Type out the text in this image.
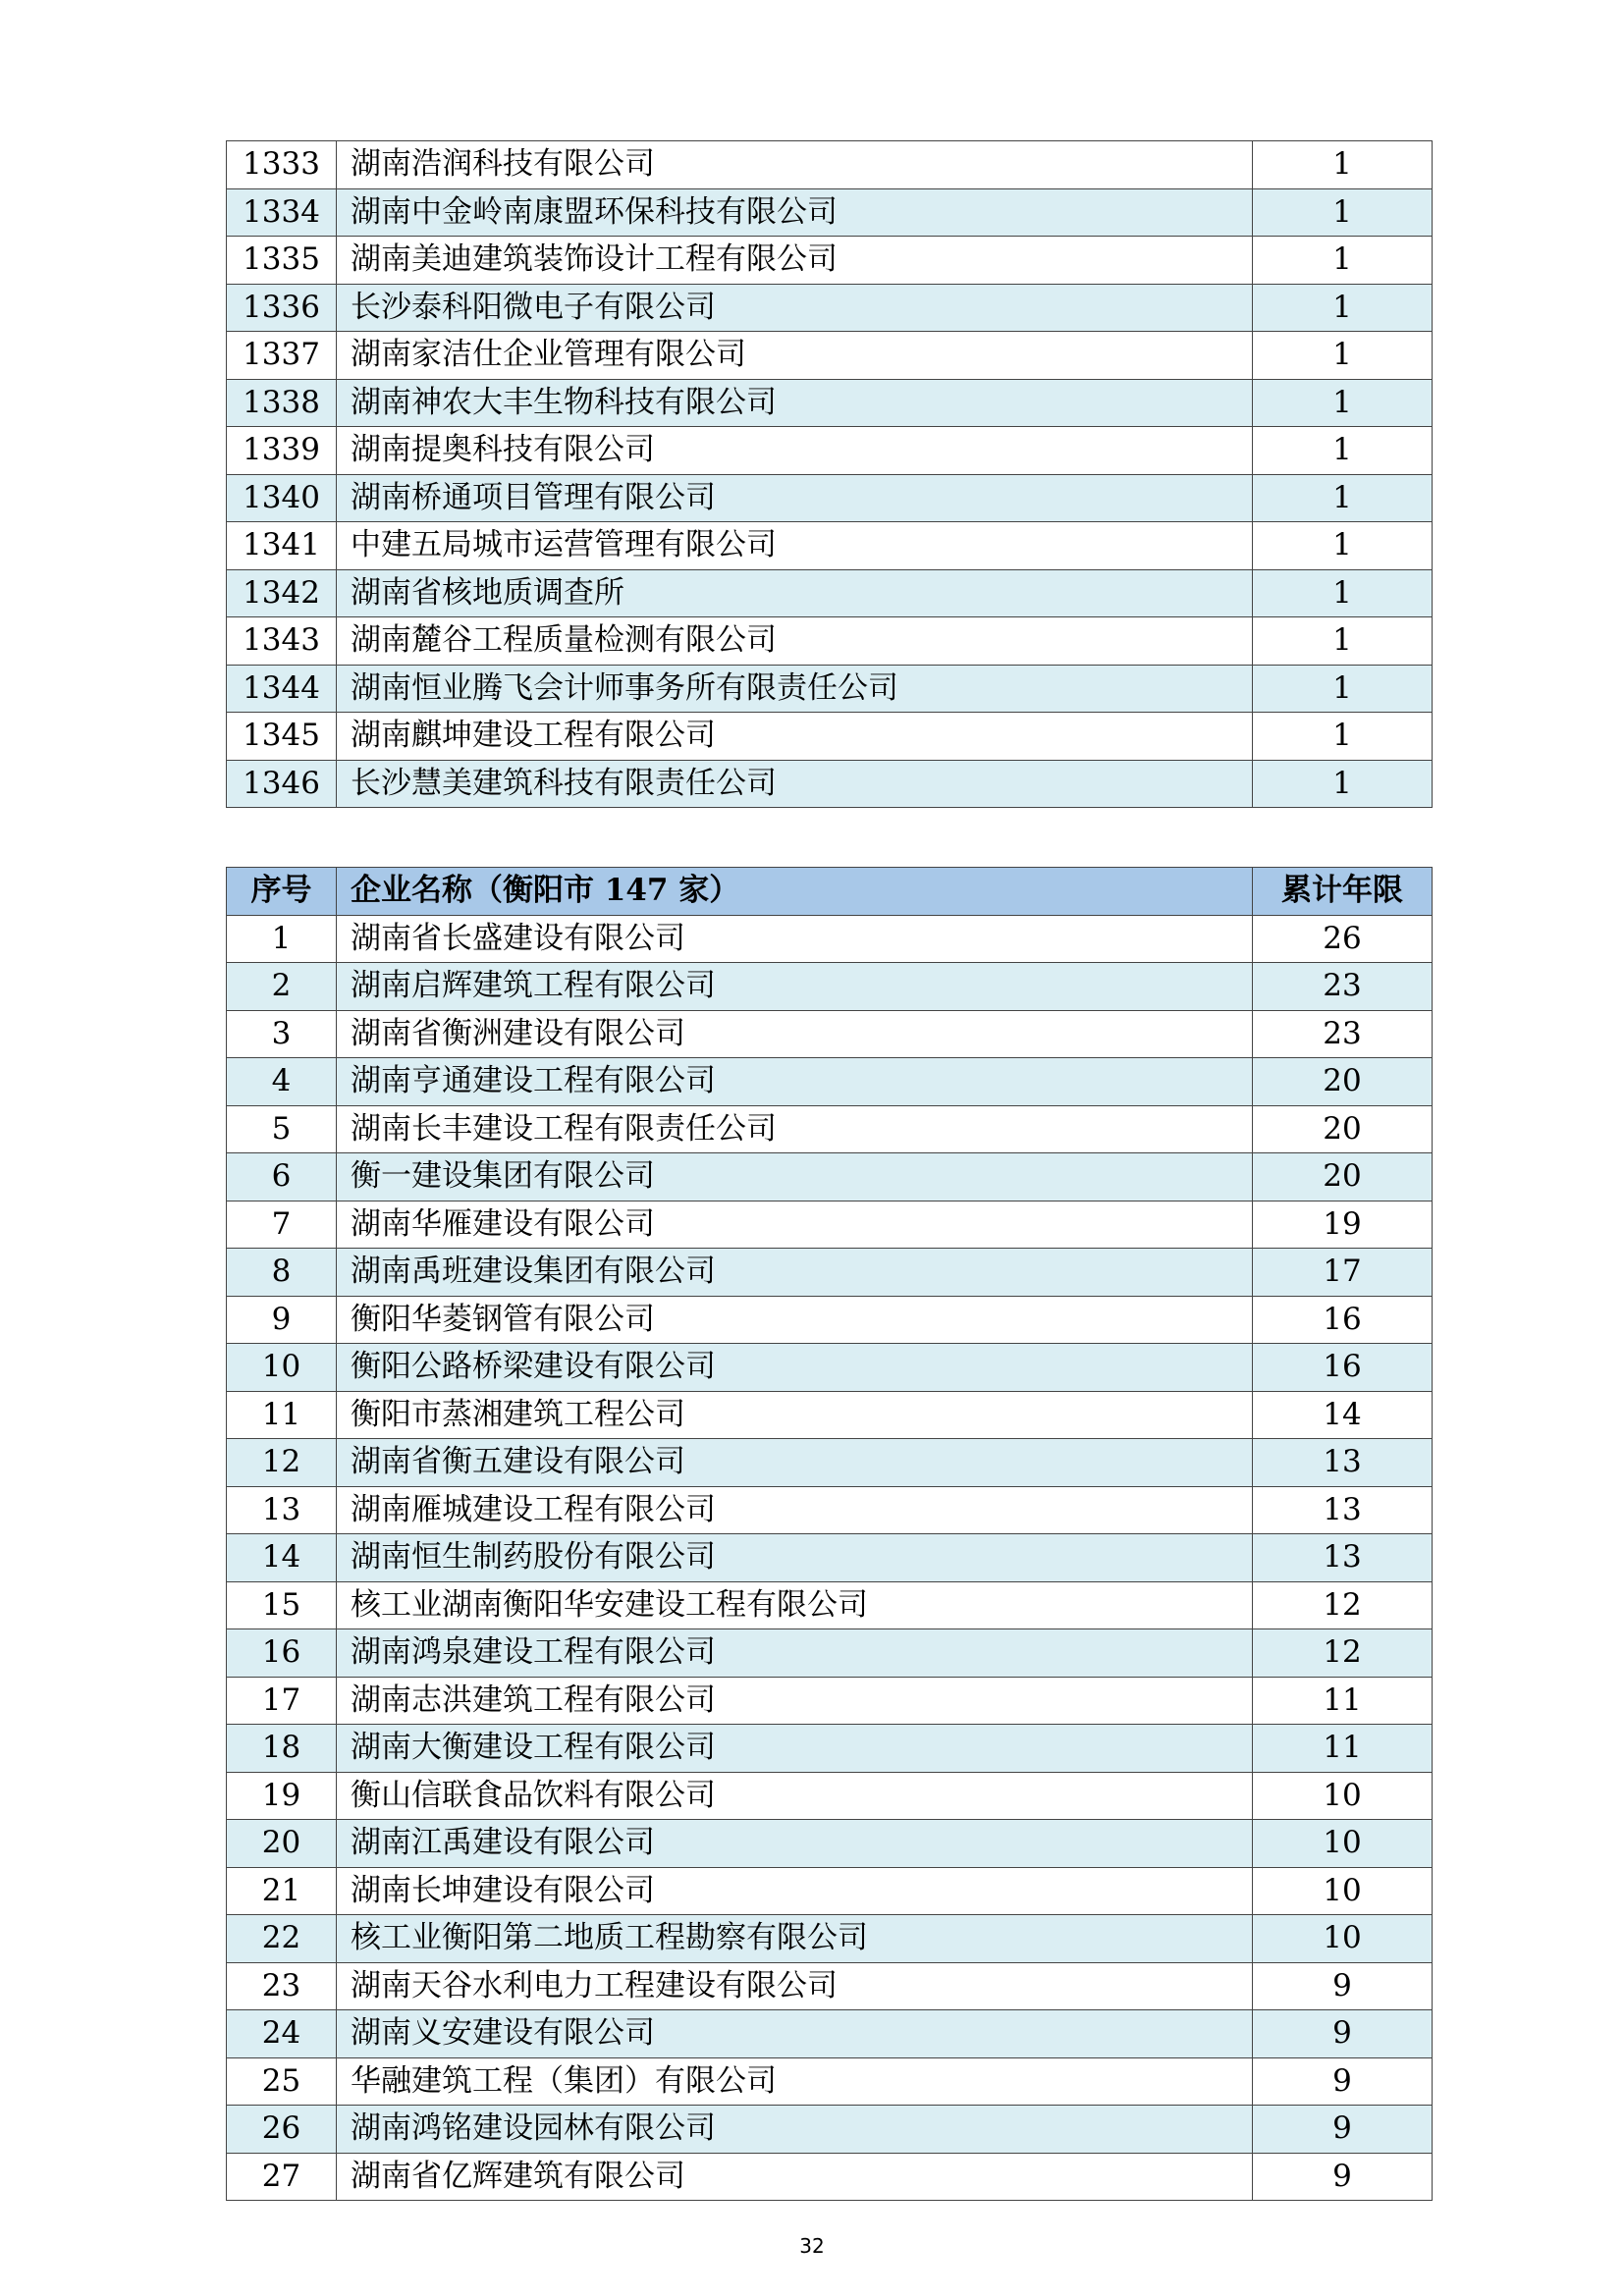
1333	湖南浩润科技有限公司	1
1334	湖南中金岭南康盟环保科技有限公司	1
1335	湖南美迪建筑装饰设计工程有限公司	1
1336	长沙泰科阳微电子有限公司	1
1337	湖南家洁仕企业管理有限公司	1
1338	湖南神农大丰生物科技有限公司	1
1339	湖南提奥科技有限公司	1
1340	湖南桥通项目管理有限公司	1
1341	中建五局城市运营管理有限公司	1
1342	湖南省核地质调查所	1
1343	湖南麓谷工程质量检测有限公司	1
1344	湖南恒业腾飞会计师事务所有限责任公司	1
1345	湖南麒坤建设工程有限公司	1
1346	长沙慧美建筑科技有限责任公司	1
序号	企业名称（衡阳市 147 家）	累计年限
1	湖南省长盛建设有限公司	26
2	湖南启辉建筑工程有限公司	23
3	湖南省衡洲建设有限公司	23
4	湖南亨通建设工程有限公司	20
5	湖南长丰建设工程有限责任公司	20
6	衡一建设集团有限公司	20
7	湖南华雁建设有限公司	19
8	湖南禹班建设集团有限公司	17
9	衡阳华菱钢管有限公司	16
10	衡阳公路桥梁建设有限公司	16
11	衡阳市蒸湘建筑工程公司	14
12	湖南省衡五建设有限公司	13
13	湖南雁城建设工程有限公司	13
14	湖南恒生制药股份有限公司	13
15	核工业湖南衡阳华安建设工程有限公司	12
16	湖南鸿泉建设工程有限公司	12
17	湖南志洪建筑工程有限公司	11
18	湖南大衡建设工程有限公司	11
19	衡山信联食品饮料有限公司	10
20	湖南江禹建设有限公司	10
21	湖南长坤建设有限公司	10
22	核工业衡阳第二地质工程勘察有限公司	10
23	湖南天谷水利电力工程建设有限公司	9
24	湖南义安建设有限公司	9
25	华融建筑工程（集团）有限公司	9
26	湖南鸿铭建设园林有限公司	9
27	湖南省亿辉建筑有限公司	9
32
